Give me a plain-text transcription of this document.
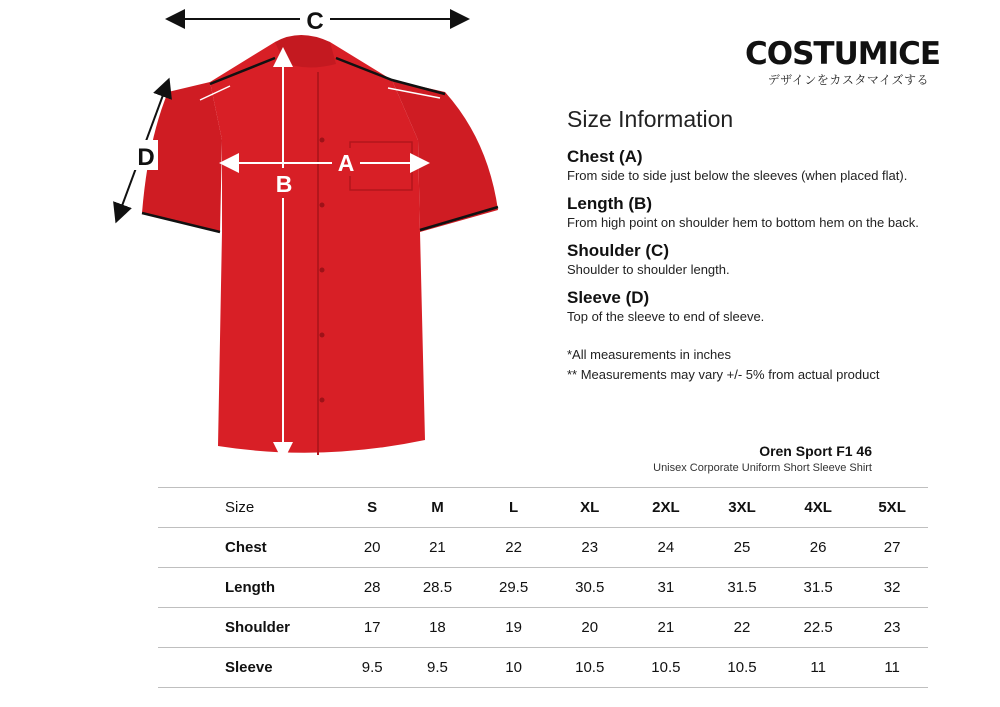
C
D	A
B
COSTUMICE
デザインをカスタマイズする
Size Information
Chest (A)
From side to side just below the sleeves (when placed flat).
Length (B)
From high point on shoulder hem to bottom hem on the back.
Shoulder (C)
Shoulder to shoulder length.
Sleeve (D)
Top of the sleeve to end of sleeve.
*All measurements in inches
** Measurements may vary +/- 5% from actual product
Oren Sport F1 46
Unisex Corporate Uniform Short Sleeve Shirt
Size	S	M	L	XL	2XL	3XL	4XL	5XL
Chest	20	21	22	23	24	25	26	27
Length	28	28.5	29.5	30.5	31	31.5	31.5	32
Shoulder	17	18	19	20	21	22	22.5	23
Sleeve	9.5	9.5	10	10.5	10.5	10.5	11	11
